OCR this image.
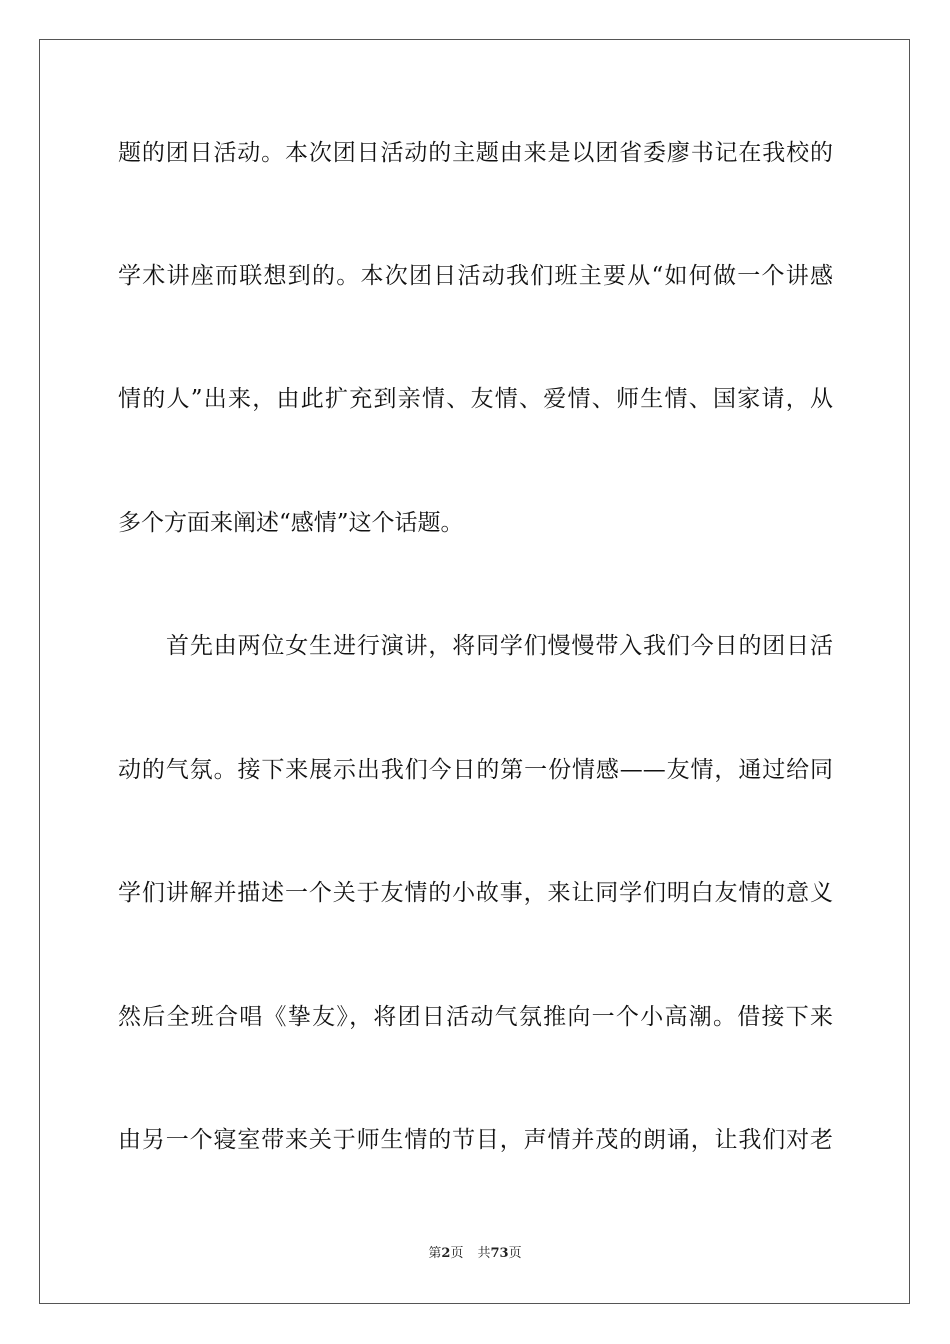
题的团日活动。本次团日活动的主题由来是以团省委廖书记在我校的
学术讲座而联想到的。本次团日活动我们班主要从“如何做一个讲感
情的人”出来，由此扩充到亲情、友情、爱情、师生情、国家请，从
多个方面来阐述“感情”这个话题。
首先由两位女生进行演讲，将同学们慢慢带入我们今日的团日活
动的气氛。接下来展示出我们今日的第一份情感——友情，通过给同
学们讲解并描述一个关于友情的小故事，来让同学们明白友情的意义
然后全班合唱《挚友》，将团日活动气氛推向一个小高潮。借接下来
由另一个寝室带来关于师生情的节目，声情并茂的朗诵，让我们对老
第2页 共73页
